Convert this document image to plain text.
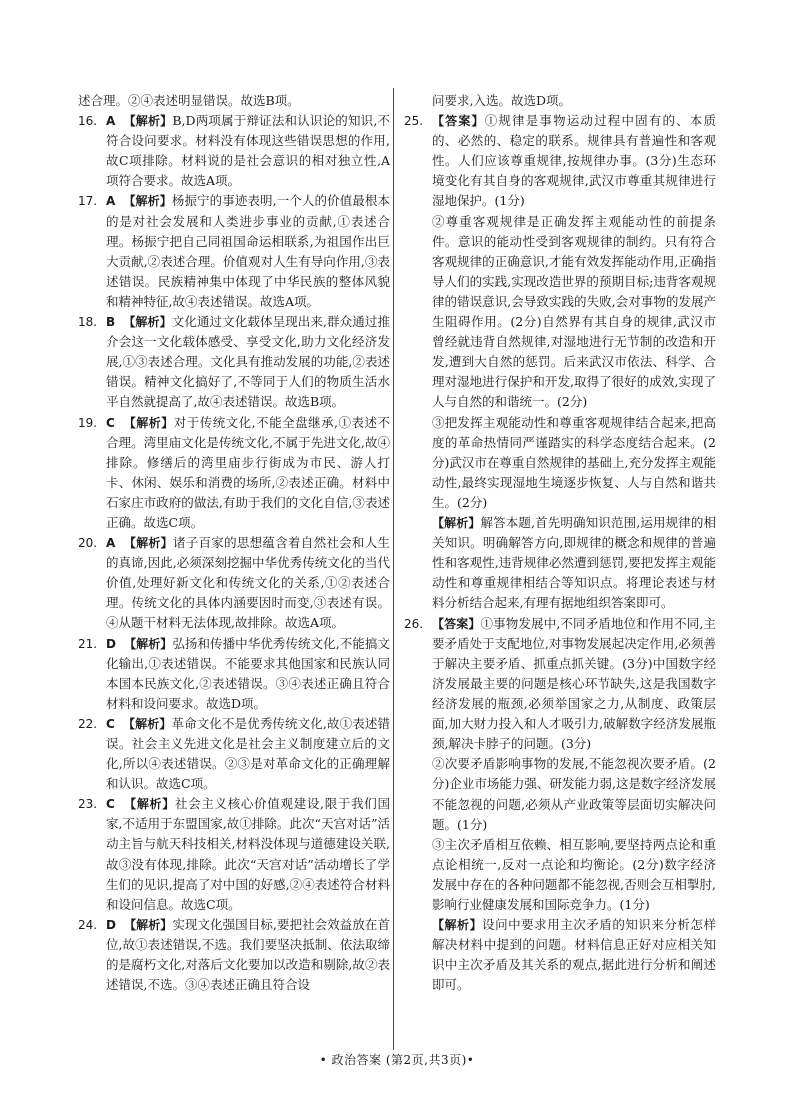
述合理。②④表述明显错误。故选B项。

16. A 【解析】B,D两项属于辩证法和认识论的知识,不符合设问要求。材料没有体现这些错误思想的作用,故C项排除。材料说的是社会意识的相对独立性,A项符合要求。故选A项。
17. A 【解析】杨振宁的事迹表明,一个人的价值最根本的是对社会发展和人类进步事业的贡献,①表述合理。杨振宁把自己同祖国命运相联系,为祖国作出巨大贡献,②表述合理。价值观对人生有导向作用,③表述错误。民族精神集中体现了中华民族的整体风貌和精神特征,故④表述错误。故选A项。
18. B 【解析】文化通过文化载体呈现出来,群众通过推介会这一文化载体感受、享受文化,助力文化经济发展,①③表述合理。文化具有推动发展的功能,②表述错误。精神文化搞好了,不等同于人们的物质生活水平自然就提高了,故④表述错误。故选B项。
19. C 【解析】对于传统文化,不能全盘继承,①表述不合理。湾里庙文化是传统文化,不属于先进文化,故④排除。修缮后的湾里庙步行街成为市民、游人打卡、休闲、娱乐和消费的场所,②表述正确。材料中石家庄市政府的做法,有助于我们的文化自信,③表述正确。故选C项。
20. A 【解析】诸子百家的思想蕴含着自然社会和人生的真谛,因此,必须深刻挖掘中华优秀传统文化的当代价值,处理好新文化和传统文化的关系,①②表述合理。传统文化的具体内涵要因时而变,③表述有误。④从题干材料无法体现,故排除。故选A项。
21. D 【解析】弘扬和传播中华优秀传统文化,不能搞文化输出,①表述错误。不能要求其他国家和民族认同本国本民族文化,②表述错误。③④表述正确且符合材料和设问要求。故选D项。
22. C 【解析】革命文化不是优秀传统文化,故①表述错误。社会主义先进文化是社会主义制度建立后的文化,所以④表述错误。②③是对革命文化的正确理解和认识。故选C项。
23. C 【解析】社会主义核心价值观建设,限于我们国家,不适用于东盟国家,故①排除。此次“天宫对话”活动主旨与航天科技相关,材料没体现与道德建设关联,故③没有体现,排除。此次“天宫对话”活动增长了学生们的见识,提高了对中国的好感,②④表述符合材料和设问信息。故选C项。
24. D 【解析】实现文化强国目标,要把社会效益放在首位,故①表述错误,不选。我们要坚决抵制、依法取缔的是腐朽文化,对落后文化要加以改造和剔除,故②表述错误,不选。③④表述正确且符合设

问要求,入选。故选D项。

25. 【答案】①规律是事物运动过程中固有的、本质的、必然的、稳定的联系。规律具有普遍性和客观性。人们应该尊重规律,按规律办事。(3分)生态环境变化有其自身的客观规律,武汉市尊重其规律进行湿地保护。(1分)

②尊重客观规律是正确发挥主观能动性的前提条件。意识的能动性受到客观规律的制约。只有符合客观规律的正确意识,才能有效发挥能动作用,正确指导人们的实践,实现改造世界的预期目标;违背客观规律的错误意识,会导致实践的失败,会对事物的发展产生阻碍作用。(2分)自然界有其自身的规律,武汉市曾经就违背自然规律,对湿地进行无节制的改造和开发,遭到大自然的惩罚。后来武汉市依法、科学、合理对湿地进行保护和开发,取得了很好的成效,实现了人与自然的和谐统一。(2分)

③把发挥主观能动性和尊重客观规律结合起来,把高度的革命热情同严谨踏实的科学态度结合起来。(2分)武汉市在尊重自然规律的基础上,充分发挥主观能动性,最终实现湿地生境逐步恢复、人与自然和谐共生。(2分)

【解析】解答本题,首先明确知识范围,运用规律的相关知识。明确解答方向,即规律的概念和规律的普遍性和客观性,违背规律必然遭到惩罚,要把发挥主观能动性和尊重规律相结合等知识点。将理论表述与材料分析结合起来,有理有据地组织答案即可。

26. 【答案】①事物发展中,不同矛盾地位和作用不同,主要矛盾处于支配地位,对事物发展起决定作用,必须善于解决主要矛盾、抓重点抓关键。(3分)中国数字经济发展最主要的问题是核心环节缺失,这是我国数字经济发展的瓶颈,必须举国家之力,从制度、政策层面,加大财力投入和人才吸引力,破解数字经济发展瓶颈,解决卡脖子的问题。(3分)

②次要矛盾影响事物的发展,不能忽视次要矛盾。(2分)企业市场能力强、研发能力弱,这是数字经济发展不能忽视的问题,必须从产业政策等层面切实解决问题。(1分)

③主次矛盾相互依赖、相互影响,要坚持两点论和重点论相统一,反对一点论和均衡论。(2分)数字经济发展中存在的各种问题都不能忽视,否则会互相掣肘,影响行业健康发展和国际竞争力。(1分)

【解析】设问中要求用主次矛盾的知识来分析怎样解决材料中提到的问题。材料信息正好对应相关知识中主次矛盾及其关系的观点,据此进行分析和阐述即可。

• 政治答案 (第2页,共3页)•
